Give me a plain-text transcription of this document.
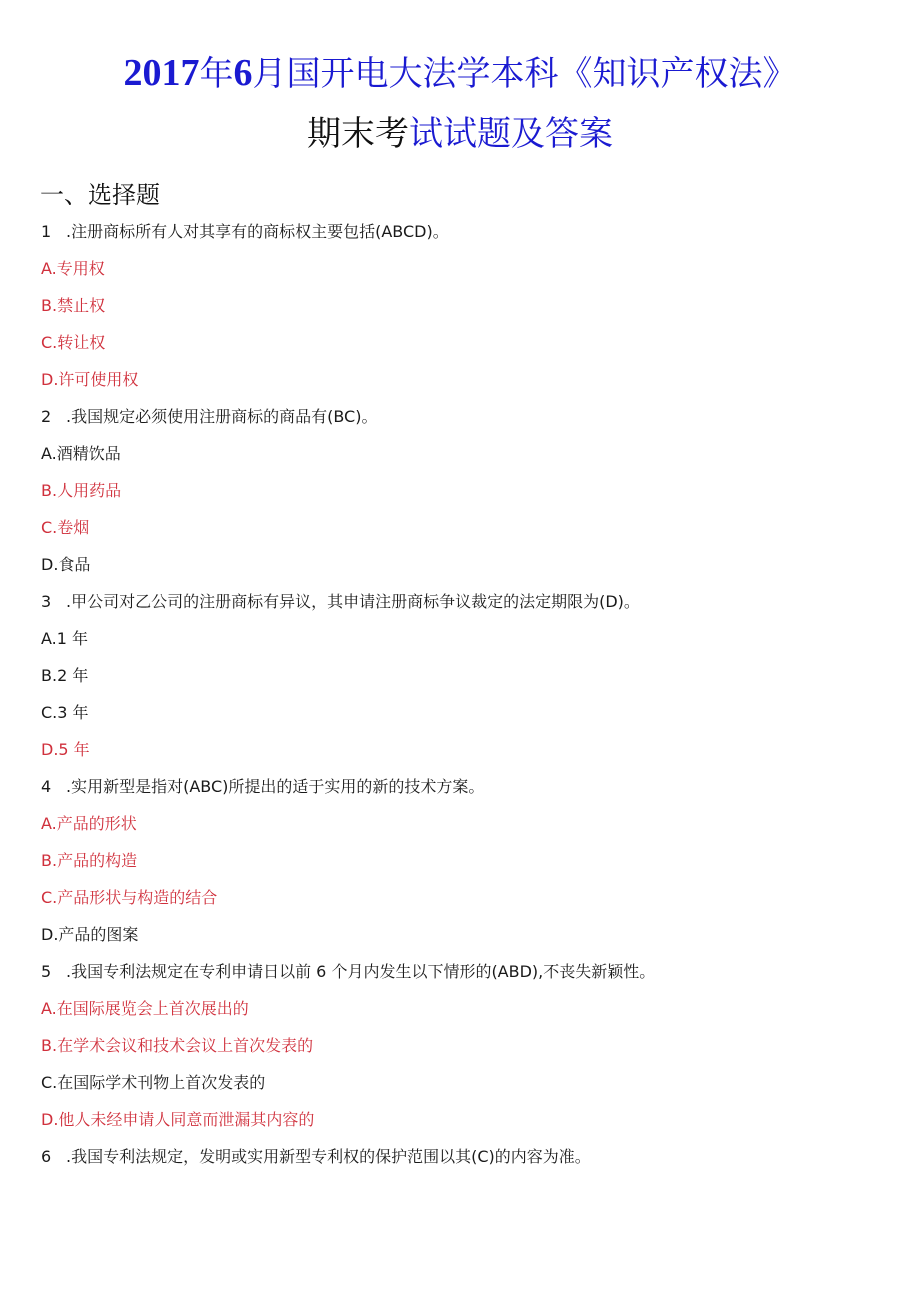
2017年6月国开电大法学本科《知识产权法》
期末考试试题及答案
一、选择题
1 .注册商标所有人对其享有的商标权主要包括(ABCD)。
A.专用权
B.禁止权
C.转让权
D.许可使用权
2 .我国规定必须使用注册商标的商品有(BC)。
A.酒精饮品
B.人用药品
C.卷烟
D.食品
3 .甲公司对乙公司的注册商标有异议，其申请注册商标争议裁定的法定期限为(D)。
A.1 年
B.2 年
C.3 年
D.5 年
4 .实用新型是指对(ABC)所提出的适于实用的新的技术方案。
A.产品的形状
B.产品的构造
C.产品形状与构造的结合
D.产品的图案
5 .我国专利法规定在专利申请日以前 6 个月内发生以下情形的(ABD),不丧失新颖性。
A.在国际展览会上首次展出的
B.在学术会议和技术会议上首次发表的
C.在国际学术刊物上首次发表的
D.他人未经申请人同意而泄漏其内容的
6 .我国专利法规定，发明或实用新型专利权的保护范围以其(C)的内容为准。
